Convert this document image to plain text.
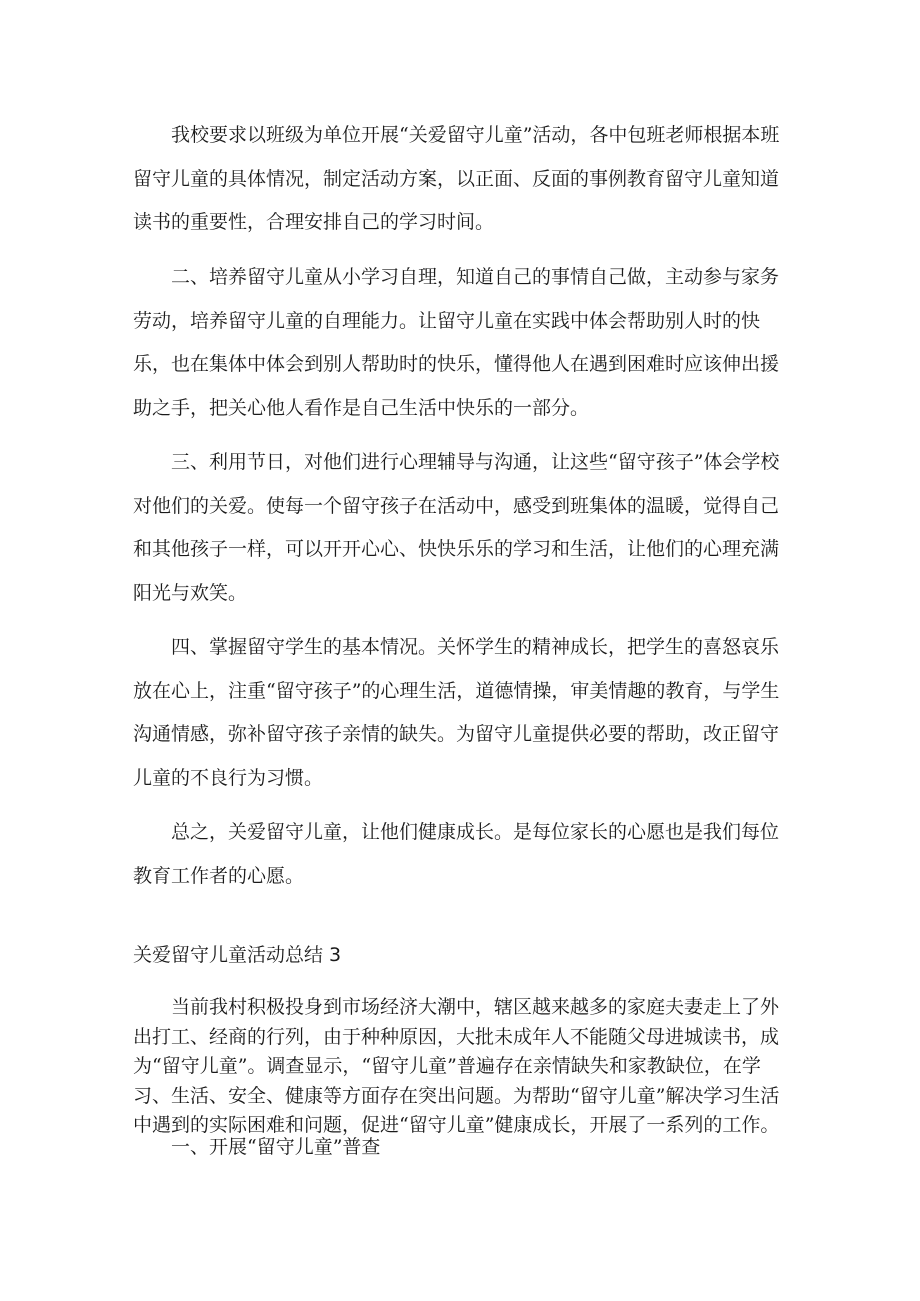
我校要求以班级为单位开展“关爱留守儿童”活动，各中包班老师根据本班留守儿童的具体情况，制定活动方案，以正面、反面的事例教育留守儿童知道读书的重要性，合理安排自己的学习时间。

二、培养留守儿童从小学习自理，知道自己的事情自己做，主动参与家务劳动，培养留守儿童的自理能力。让留守儿童在实践中体会帮助别人时的快乐，也在集体中体会到别人帮助时的快乐，懂得他人在遇到困难时应该伸出援助之手，把关心他人看作是自己生活中快乐的一部分。

三、利用节日，对他们进行心理辅导与沟通，让这些“留守孩子”体会学校对他们的关爱。使每一个留守孩子在活动中，感受到班集体的温暖，觉得自己和其他孩子一样，可以开开心心、快快乐乐的学习和生活，让他们的心理充满阳光与欢笑。

四、掌握留守学生的基本情况。关怀学生的精神成长，把学生的喜怒哀乐放在心上，注重“留守孩子”的心理生活，道德情操，审美情趣的教育，与学生沟通情感，弥补留守孩子亲情的缺失。为留守儿童提供必要的帮助，改正留守儿童的不良行为习惯。

总之，关爱留守儿童，让他们健康成长。是每位家长的心愿也是我们每位教育工作者的心愿。

关爱留守儿童活动总结 3

当前我村积极投身到市场经济大潮中，辖区越来越多的家庭夫妻走上了外出打工、经商的行列，由于种种原因，大批未成年人不能随父母进城读书，成为“留守儿童”。调查显示，“留守儿童”普遍存在亲情缺失和家教缺位，在学习、生活、安全、健康等方面存在突出问题。为帮助“留守儿童”解决学习生活中遇到的实际困难和问题，促进“留守儿童”健康成长，开展了一系列的工作。

一、开展“留守儿童”普查
